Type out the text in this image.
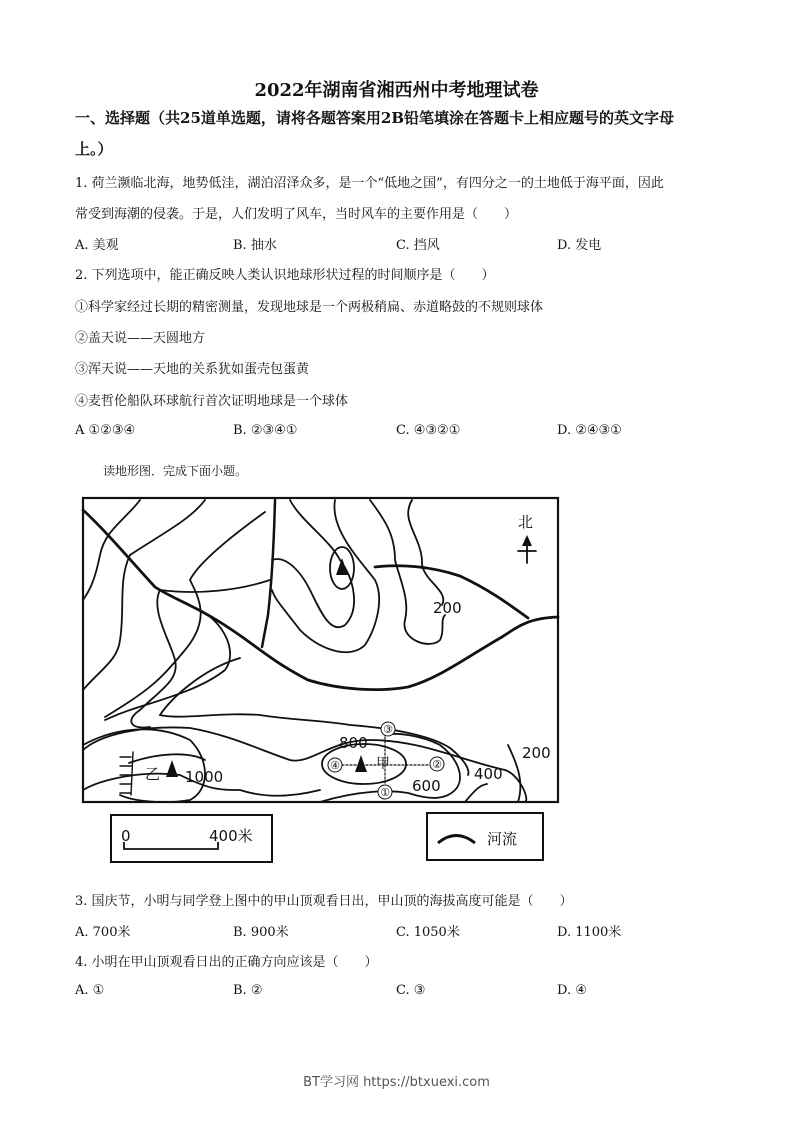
2022年湖南省湘西州中考地理试卷
一、选择题（共25道单选题，请将各题答案用2B铅笔填涂在答题卡上相应题号的英文字母
上。）
1. 荷兰濒临北海，地势低洼，湖泊沼泽众多，是一个“低地之国”，有四分之一的土地低于海平面，因此
常受到海潮的侵袭。于是，人们发明了风车，当时风车的主要作用是（　　）
A. 美观	B. 抽水	C. 挡风	D. 发电
2. 下列选项中，能正确反映人类认识地球形状过程的时间顺序是（　　）
①科学家经过长期的精密测量，发现地球是一个两极稍扁、赤道略鼓的不规则球体
②盖天说——天圆地方
③浑天说——天地的关系犹如蛋壳包蛋黄
④麦哲伦船队环球航行首次证明地球是一个球体
A ①②③④	B. ②③④①	C. ④③②①	D. ②④③①
读地形图．完成下面小题。
③
②
④
①
北
200
200
400
600
800
1000
乙
甲
0	400米	河流
3. 国庆节，小明与同学登上图中的甲山顶观看日出，甲山顶的海拔高度可能是（　　）
A. 700米	B. 900米	C. 1050米	D. 1100米
4. 小明在甲山顶观看日出的正确方向应该是（　　）
A. ①	B. ②	C. ③	D. ④
BT学习网 https://btxuexi.com
